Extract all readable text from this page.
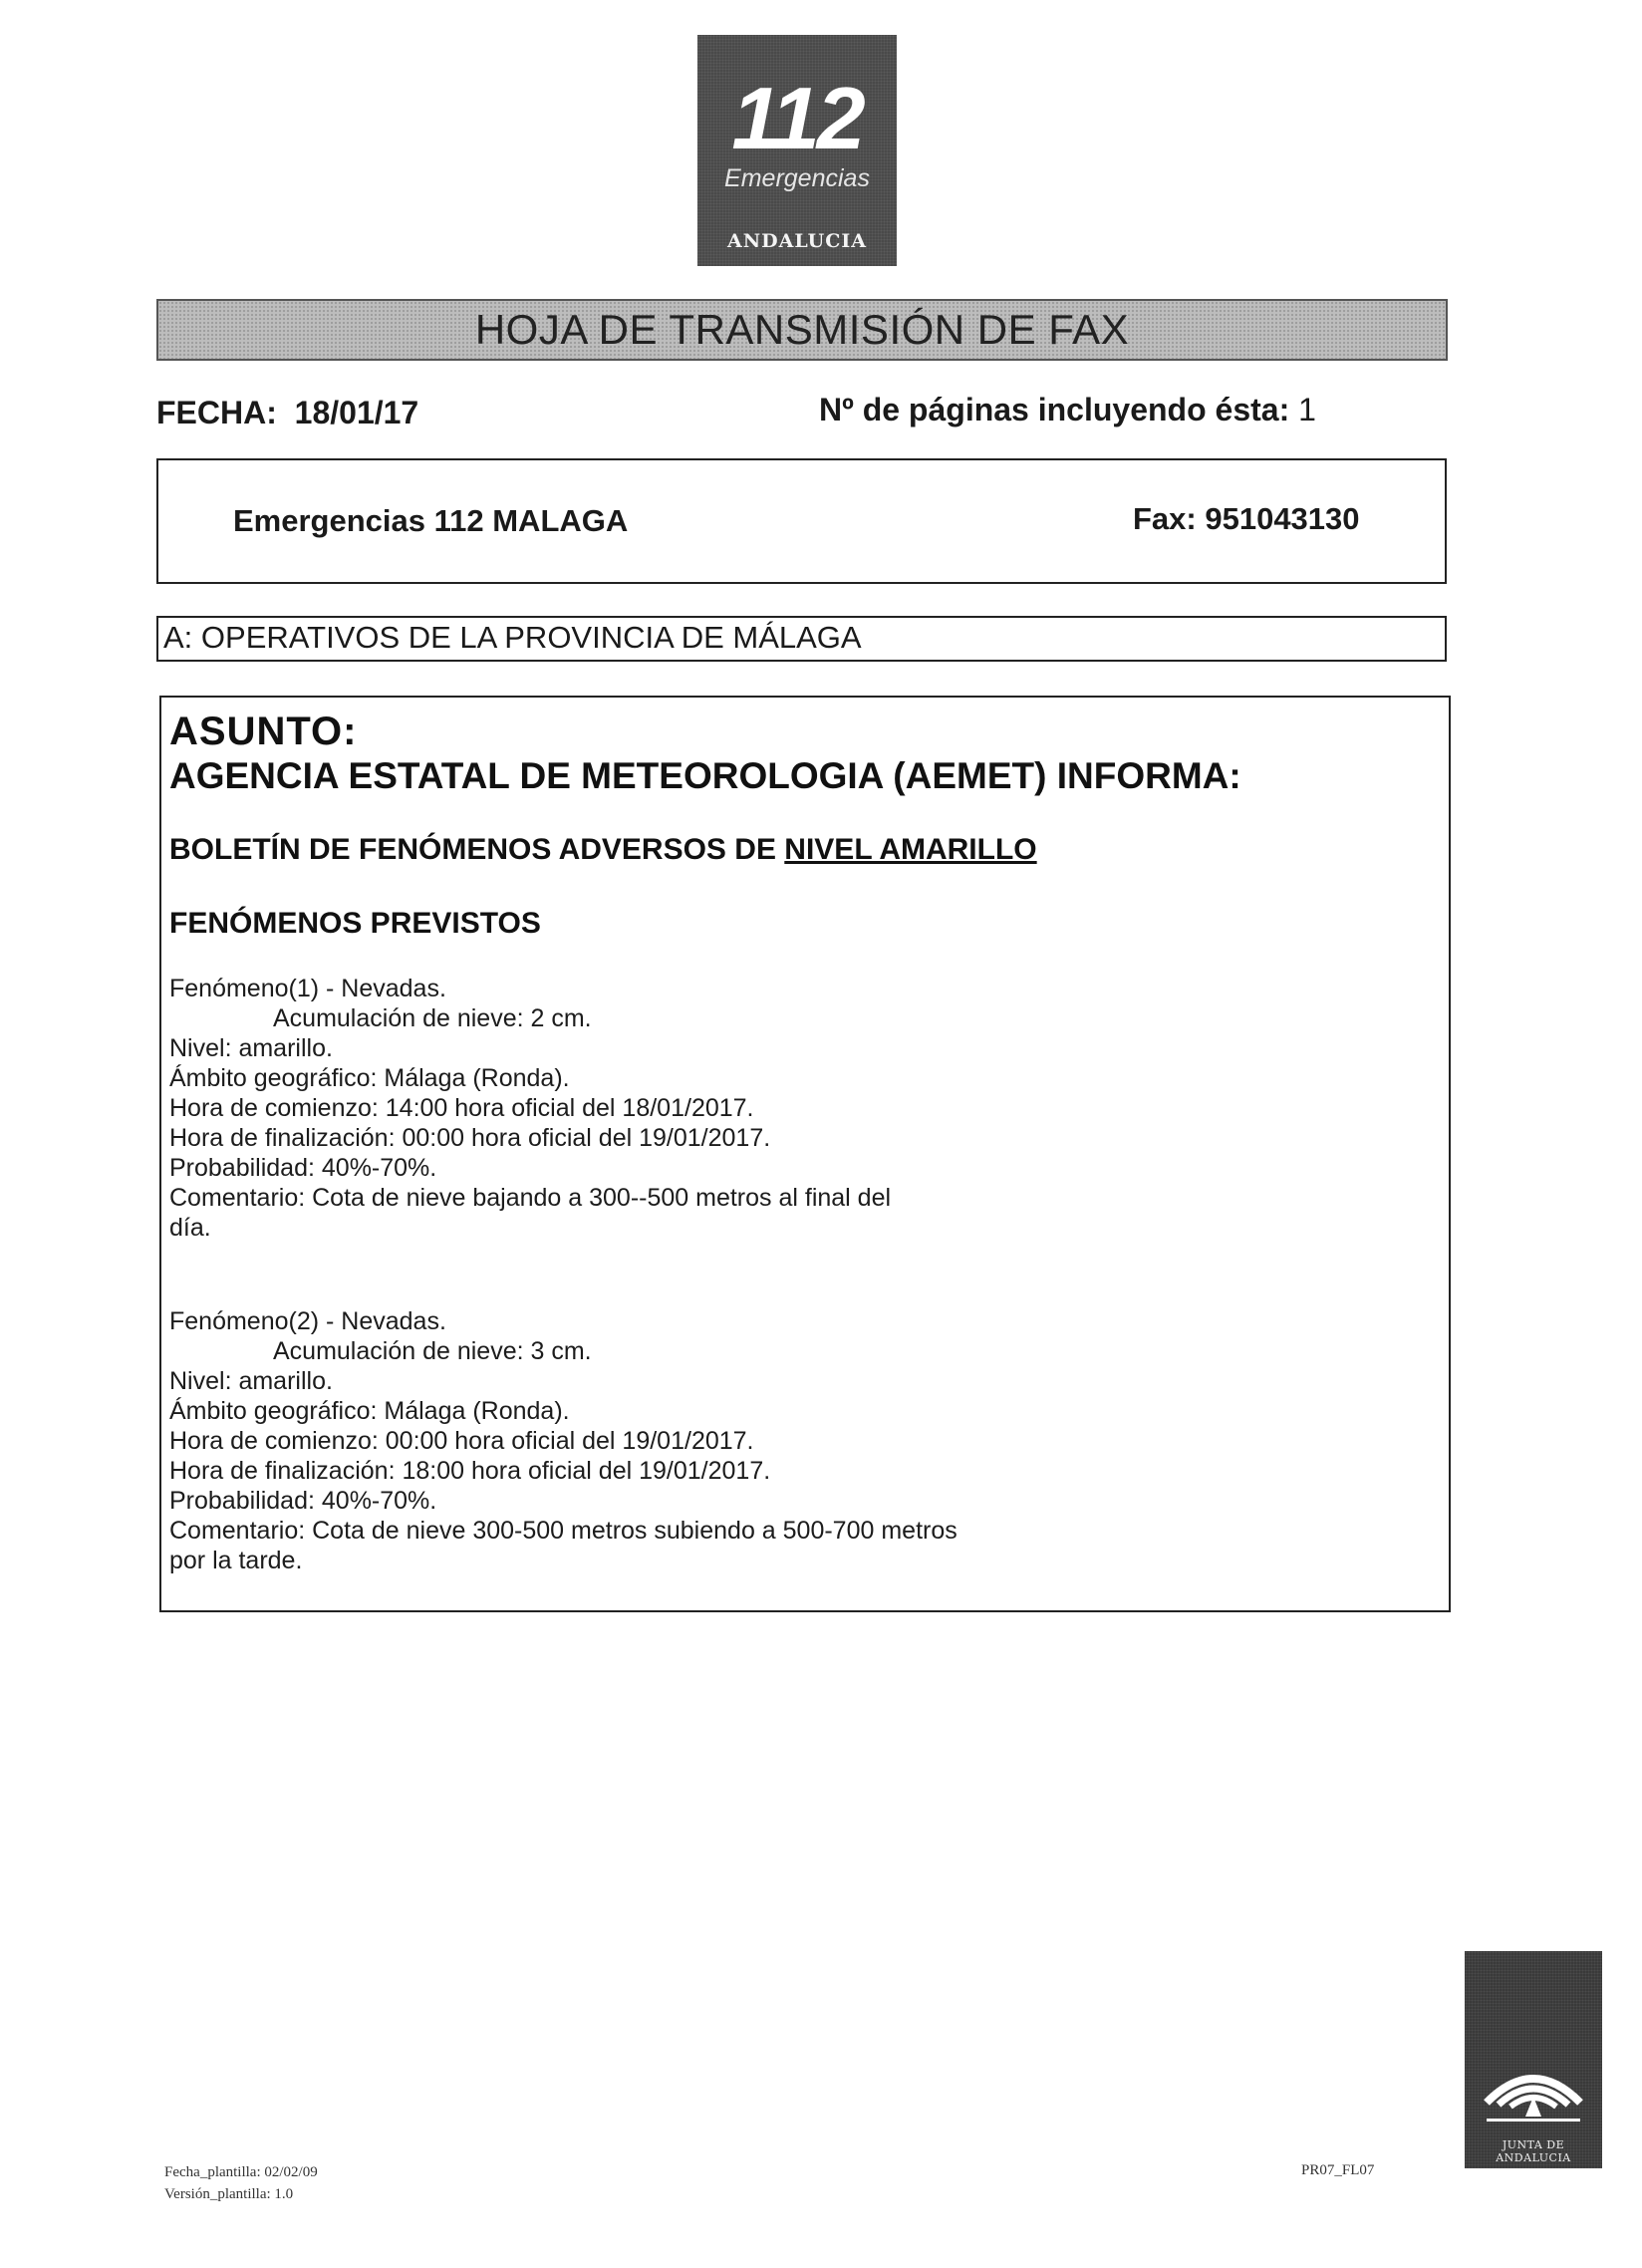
112
Emergencias
ANDALUCIA
HOJA DE TRANSMISIÓN DE FAX
FECHA: 18/01/17	Nº de páginas incluyendo ésta: 1
Emergencias 112 MALAGA	Fax: 951043130
A: OPERATIVOS DE LA PROVINCIA DE MÁLAGA
ASUNTO:
AGENCIA ESTATAL DE METEOROLOGIA (AEMET) INFORMA:
BOLETÍN DE FENÓMENOS ADVERSOS DE NIVEL AMARILLO
FENÓMENOS PREVISTOS
Fenómeno(1) - Nevadas.
Acumulación de nieve: 2 cm.
Nivel: amarillo.
Ámbito geográfico: Málaga (Ronda).
Hora de comienzo: 14:00 hora oficial del 18/01/2017.
Hora de finalización: 00:00 hora oficial del 19/01/2017.
Probabilidad: 40%-70%.
Comentario: Cota de nieve bajando a 300--500 metros al final del
día.
Fenómeno(2) - Nevadas.
Acumulación de nieve: 3 cm.
Nivel: amarillo.
Ámbito geográfico: Málaga (Ronda).
Hora de comienzo: 00:00 hora oficial del 19/01/2017.
Hora de finalización: 18:00 hora oficial del 19/01/2017.
Probabilidad: 40%-70%.
Comentario: Cota de nieve 300-500 metros subiendo a 500-700 metros
por la tarde.
Fecha_plantilla: 02/02/09
Versión_plantilla: 1.0
PR07_FL07
JUNTA DE ANDALUCIA
